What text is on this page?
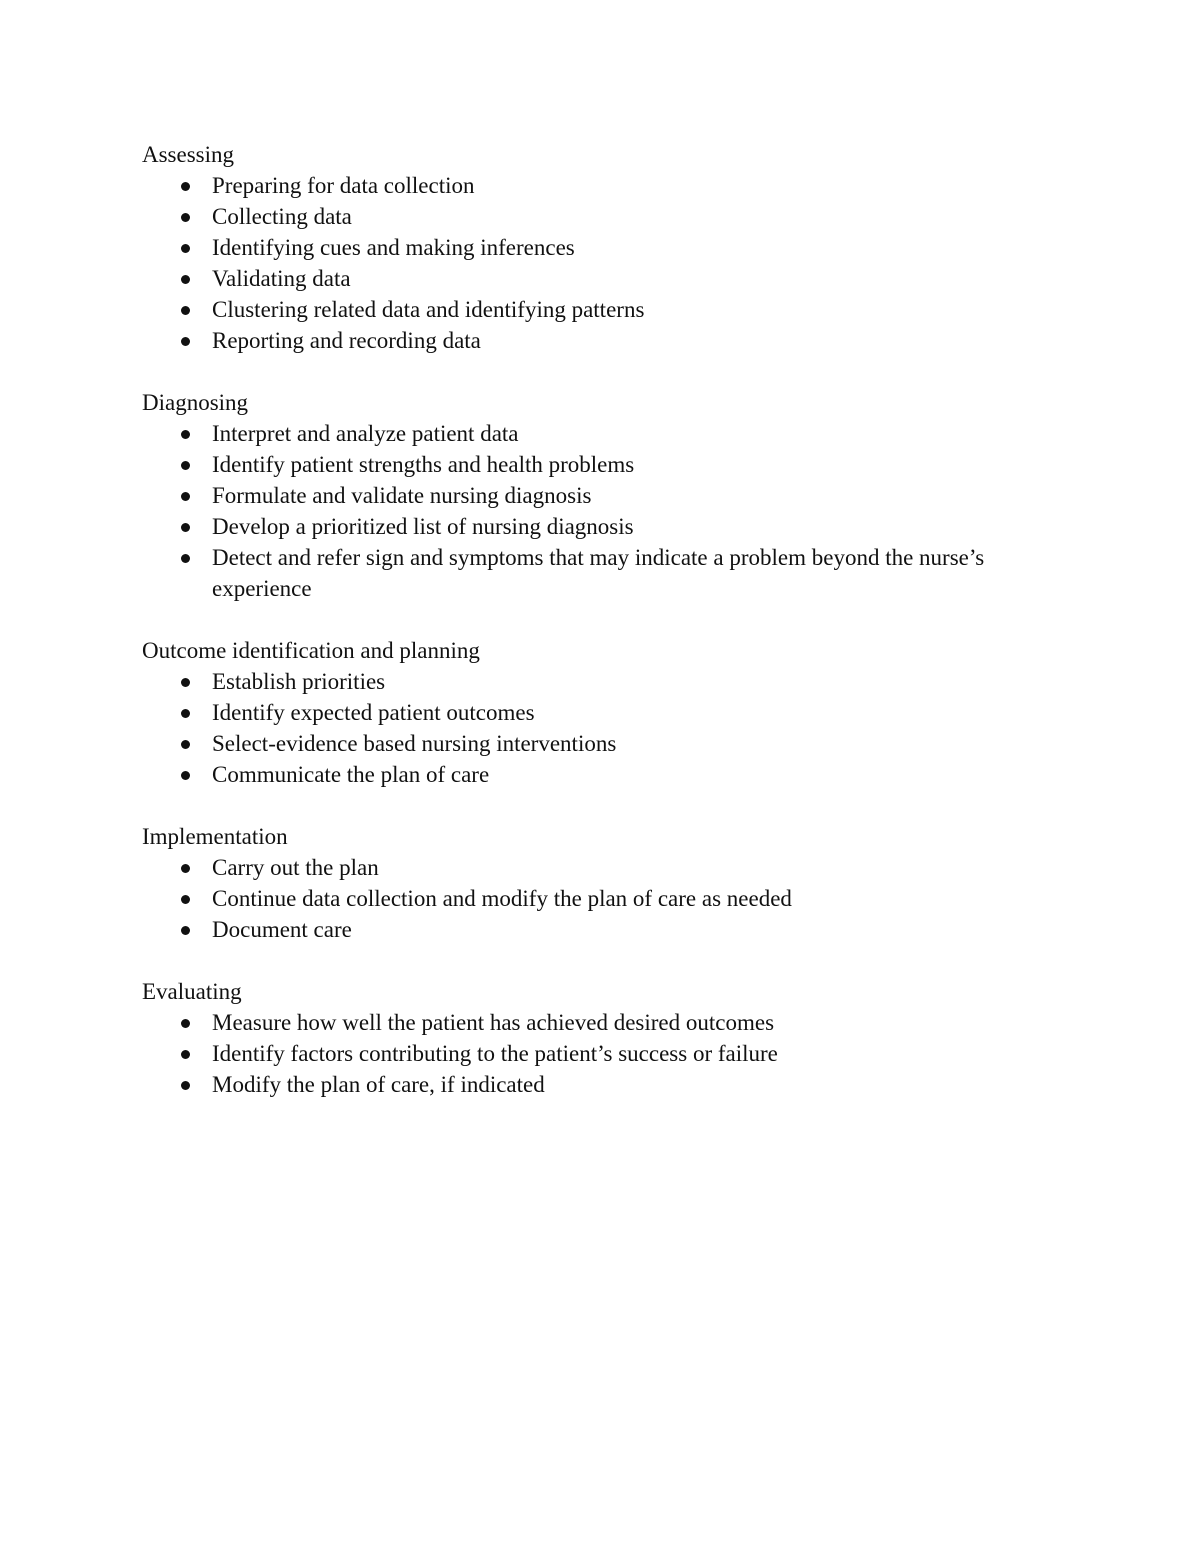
Assessing
Preparing for data collection
Collecting data
Identifying cues and making inferences
Validating data
Clustering related data and identifying patterns
Reporting and recording data
Diagnosing
Interpret and analyze patient data
Identify patient strengths and health problems
Formulate and validate nursing diagnosis
Develop a prioritized list of nursing diagnosis
Detect and refer sign and symptoms that may indicate a problem beyond the nurse’s experience
Outcome identification and planning
Establish priorities
Identify expected patient outcomes
Select-evidence based nursing interventions
Communicate the plan of care
Implementation
Carry out the plan
Continue data collection and modify the plan of care as needed
Document care
Evaluating
Measure how well the patient has achieved desired outcomes
Identify factors contributing to the patient’s success or failure
Modify the plan of care, if indicated
